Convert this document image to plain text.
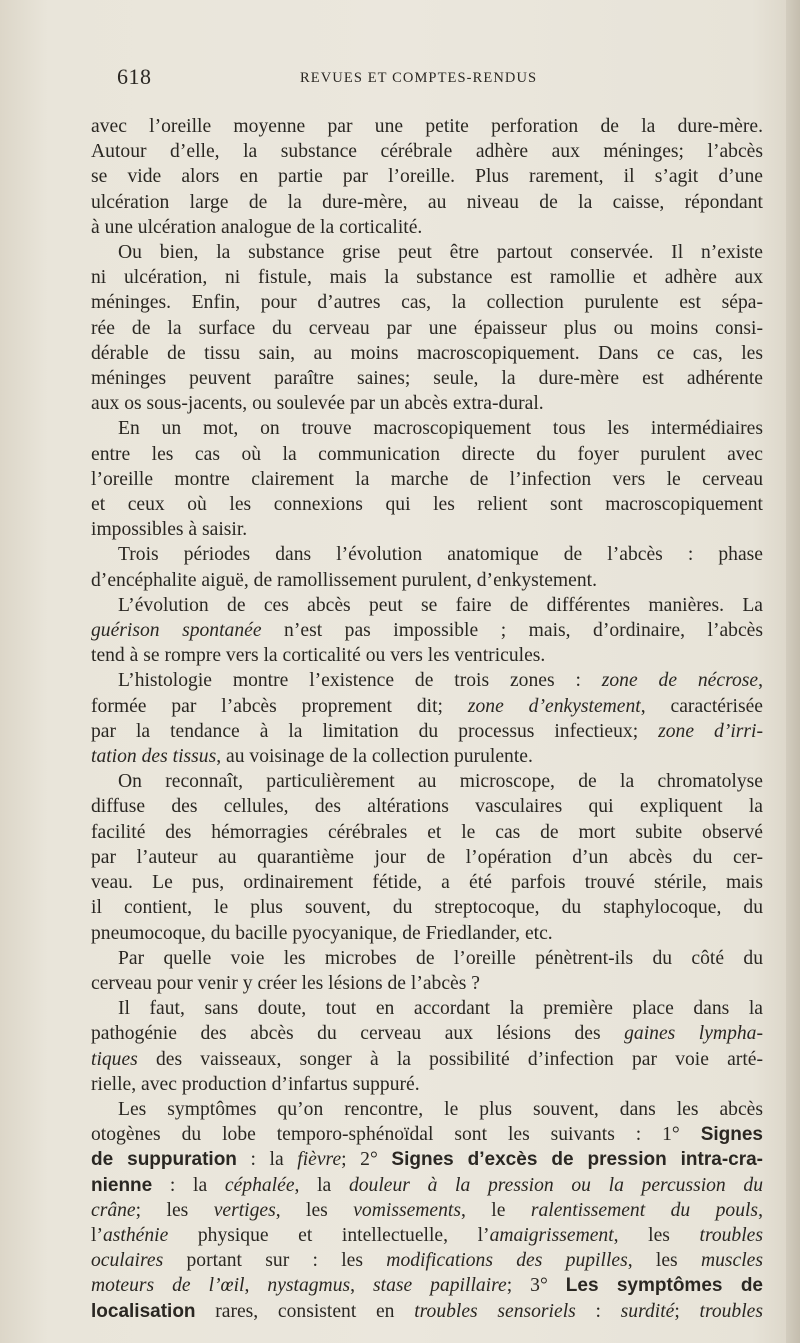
618	REVUES ET COMPTES-RENDUS
avec l’oreille moyenne par une petite perforation de la dure-mère.
Autour d’elle, la substance cérébrale adhère aux méninges; l’abcès
se vide alors en partie par l’oreille. Plus rarement, il s’agit d’une
ulcération large de la dure-mère, au niveau de la caisse, répondant
à une ulcération analogue de la corticalité.
Ou bien, la substance grise peut être partout conservée. Il n’existe
ni ulcération, ni fistule, mais la substance est ramollie et adhère aux
méninges. Enfin, pour d’autres cas, la collection purulente est sépa-
rée de la surface du cerveau par une épaisseur plus ou moins consi-
dérable de tissu sain, au moins macroscopiquement. Dans ce cas, les
méninges peuvent paraître saines; seule, la dure-mère est adhérente
aux os sous-jacents, ou soulevée par un abcès extra-dural.
En un mot, on trouve macroscopiquement tous les intermédiaires
entre les cas où la communication directe du foyer purulent avec
l’oreille montre clairement la marche de l’infection vers le cerveau
et ceux où les connexions qui les relient sont macroscopiquement
impossibles à saisir.
Trois périodes dans l’évolution anatomique de l’abcès : phase
d’encéphalite aiguë, de ramollissement purulent, d’enkystement.
L’évolution de ces abcès peut se faire de différentes manières. La
guérison spontanée n’est pas impossible ; mais, d’ordinaire, l’abcès
tend à se rompre vers la corticalité ou vers les ventricules.
L’histologie montre l’existence de trois zones : zone de nécrose,
formée par l’abcès proprement dit; zone d’enkystement, caractérisée
par la tendance à la limitation du processus infectieux; zone d’irri-
tation des tissus, au voisinage de la collection purulente.
On reconnaît, particulièrement au microscope, de la chromatolyse
diffuse des cellules, des altérations vasculaires qui expliquent la
facilité des hémorragies cérébrales et le cas de mort subite observé
par l’auteur au quarantième jour de l’opération d’un abcès du cer-
veau. Le pus, ordinairement fétide, a été parfois trouvé stérile, mais
il contient, le plus souvent, du streptocoque, du staphylocoque, du
pneumocoque, du bacille pyocyanique, de Friedlander, etc.
Par quelle voie les microbes de l’oreille pénètrent-ils du côté du
cerveau pour venir y créer les lésions de l’abcès ?
Il faut, sans doute, tout en accordant la première place dans la
pathogénie des abcès du cerveau aux lésions des gaines lympha-
tiques des vaisseaux, songer à la possibilité d’infection par voie arté-
rielle, avec production d’infartus suppuré.
Les symptômes qu’on rencontre, le plus souvent, dans les abcès
otogènes du lobe temporo-sphénoïdal sont les suivants : 1° Signes
de suppuration : la fièvre; 2° Signes d’excès de pression intra-cra-
nienne : la céphalée, la douleur à la pression ou la percussion du
crâne; les vertiges, les vomissements, le ralentissement du pouls,
l’asthénie physique et intellectuelle, l’amaigrissement, les troubles
oculaires portant sur : les modifications des pupilles, les muscles
moteurs de l’œil, nystagmus, stase papillaire; 3° Les symptômes de
localisation rares, consistent en troubles sensoriels : surdité; troubles
